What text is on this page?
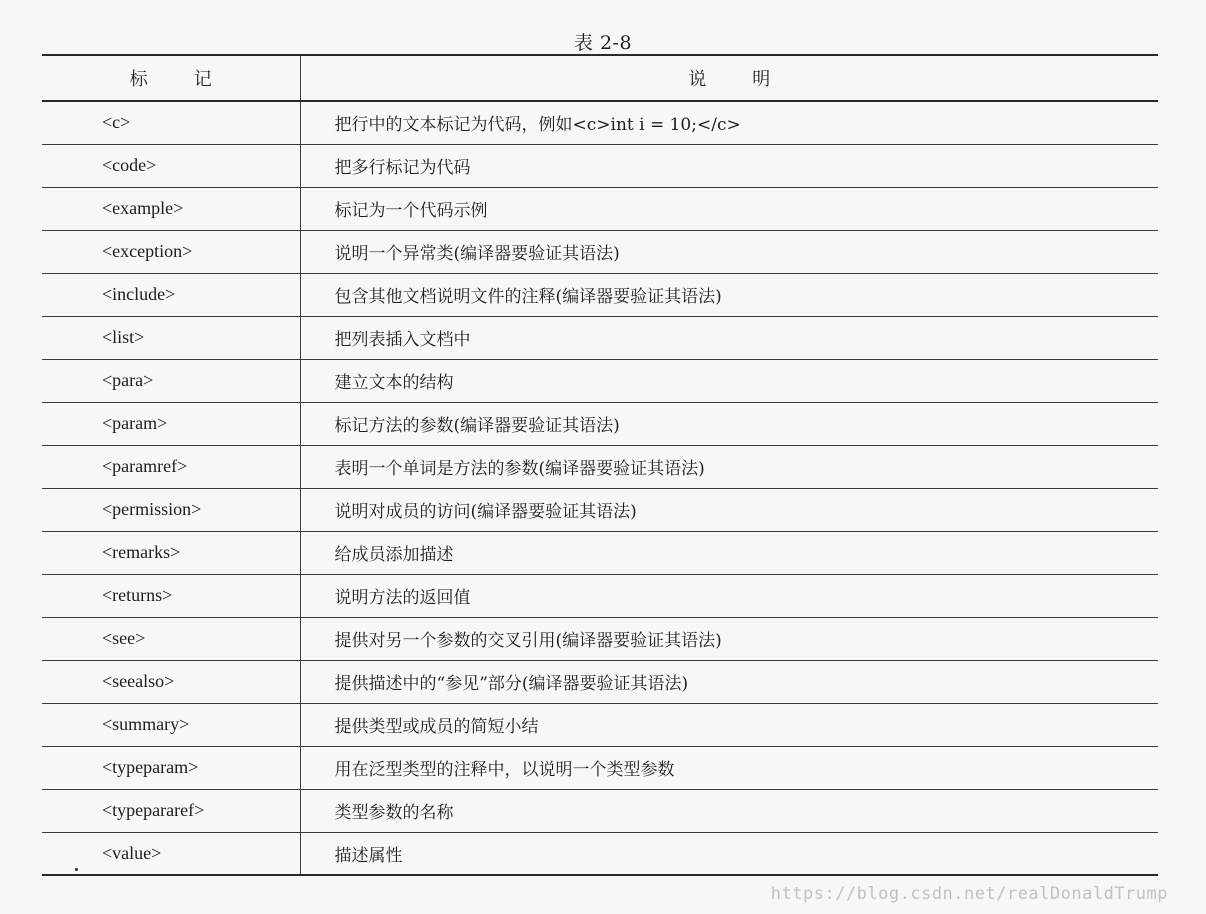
表 2-8
标记	说明
<c>	把行中的文本标记为代码，例如<c>int i = 10;</c>
<code>	把多行标记为代码
<example>	标记为一个代码示例
<exception>	说明一个异常类(编译器要验证其语法)
<include>	包含其他文档说明文件的注释(编译器要验证其语法)
<list>	把列表插入文档中
<para>	建立文本的结构
<param>	标记方法的参数(编译器要验证其语法)
<paramref>	表明一个单词是方法的参数(编译器要验证其语法)
<permission>	说明对成员的访问(编译器要验证其语法)
<remarks>	给成员添加描述
<returns>	说明方法的返回值
<see>	提供对另一个参数的交叉引用(编译器要验证其语法)
<seealso>	提供描述中的“参见”部分(编译器要验证其语法)
<summary>	提供类型或成员的简短小结
<typeparam>	用在泛型类型的注释中，以说明一个类型参数
<typepararef>	类型参数的名称
<value>	描述属性
https://blog.csdn.net/realDonaldTrump
